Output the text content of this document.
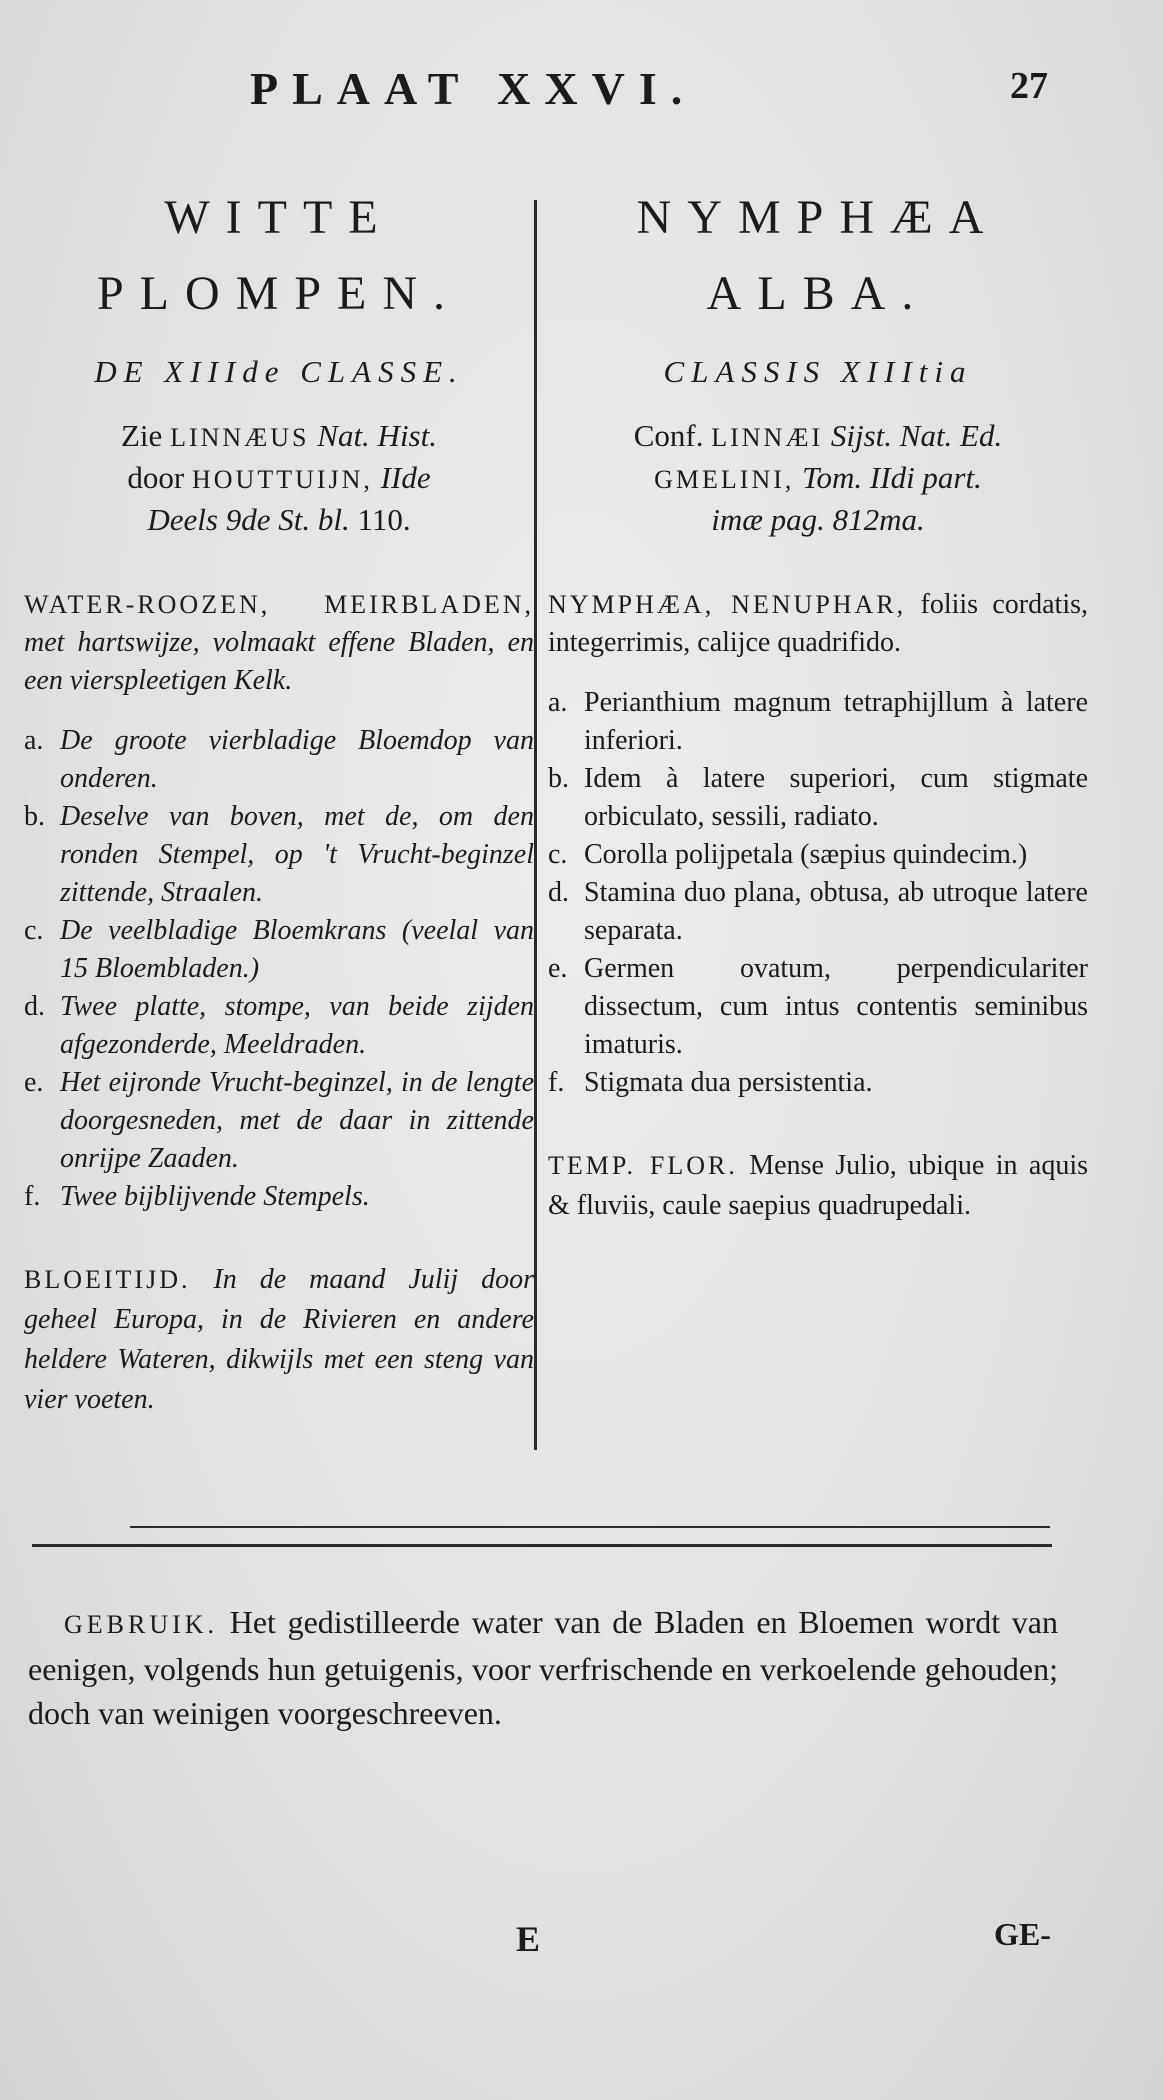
PLAAT XXVI.	27
WITTE
PLOMPEN.
DE XIIIde CLASSE.
Zie LINNÆUS Nat. Hist.
door HOUTTUIJN, IIde
Deels 9de St. bl. 110.
WATER-ROOZEN, MEIRBLADEN, met hartswijze, volmaakt effene Bladen, en een vierspleetigen Kelk.
a. De groote vierbladige Bloemdop van onderen.
b. Deselve van boven, met de, om den ronden Stempel, op 't Vrucht-beginzel zittende, Straalen.
c. De veelbladige Bloemkrans (veelal van 15 Bloembladen.)
d. Twee platte, stompe, van beide zijden afgezonderde, Meeldraden.
e. Het eijronde Vrucht-beginzel, in de lengte doorgesneden, met de daar in zittende onrijpe Zaaden.
f. Twee bijblijvende Stempels.
BLOEITIJD. In de maand Julij door geheel Europa, in de Rivieren en andere heldere Wateren, dikwijls met een steng van vier voeten.
NYMPHÆA
ALBA.
CLASSIS XIIItia
Conf. LINNÆI Sijst. Nat. Ed.
GMELINI, Tom. IIdi part.
imæ pag. 812ma.
NYMPHÆA, NENUPHAR, foliis cordatis, integerrimis, calijce quadrifido.
a. Perianthium magnum tetraphijllum à latere inferiori.
b. Idem à latere superiori, cum stigmate orbiculato, sessili, radiato.
c. Corolla polijpetala (sæpius quindecim.)
d. Stamina duo plana, obtusa, ab utroque latere separata.
e. Germen ovatum, perpendiculariter dissectum, cum intus contentis seminibus imaturis.
f. Stigmata dua persistentia.
TEMP. FLOR. Mense Julio, ubique in aquis & fluviis, caule saepius quadrupedali.
GEBRUIK. Het gedistilleerde water van de Bladen en Bloemen wordt van eenigen, volgends hun getuigenis, voor verfrischende en verkoelende gehouden; doch van weinigen voorgeschreeven.
E	GE-
